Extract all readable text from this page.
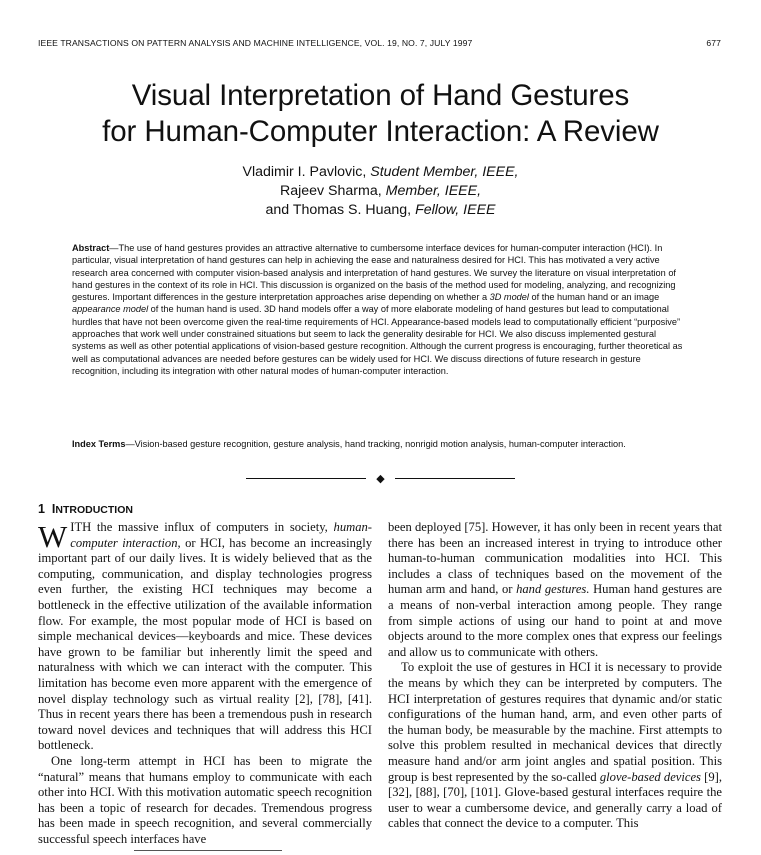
IEEE TRANSACTIONS ON PATTERN ANALYSIS AND MACHINE INTELLIGENCE, VOL. 19, NO. 7, JULY 1997	677
Visual Interpretation of Hand Gestures
for Human-Computer Interaction: A Review
Vladimir I. Pavlovic, Student Member, IEEE,
Rajeev Sharma, Member, IEEE,
and Thomas S. Huang, Fellow, IEEE
Abstract—The use of hand gestures provides an attractive alternative to cumbersome interface devices for human-computer interaction (HCI). In particular, visual interpretation of hand gestures can help in achieving the ease and naturalness desired for HCI. This has motivated a very active research area concerned with computer vision-based analysis and interpretation of hand gestures. We survey the literature on visual interpretation of hand gestures in the context of its role in HCI. This discussion is organized on the basis of the method used for modeling, analyzing, and recognizing gestures. Important differences in the gesture interpretation approaches arise depending on whether a 3D model of the human hand or an image appearance model of the human hand is used. 3D hand models offer a way of more elaborate modeling of hand gestures but lead to computational hurdles that have not been overcome given the real-time requirements of HCI. Appearance-based models lead to computationally efficient “purposive” approaches that work well under constrained situations but seem to lack the generality desirable for HCI. We also discuss implemented gestural systems as well as other potential applications of vision-based gesture recognition. Although the current progress is encouraging, further theoretical as well as computational advances are needed before gestures can be widely used for HCI. We discuss directions of future research in gesture recognition, including its integration with other natural modes of human-computer interaction.
Index Terms—Vision-based gesture recognition, gesture analysis, hand tracking, nonrigid motion analysis, human-computer interaction.
◆
1 INTRODUCTION

WITH the massive influx of computers in society, human-computer interaction, or HCI, has become an increasingly important part of our daily lives. It is widely believed that as the computing, communication, and display technologies progress even further, the existing HCI techniques may become a bottleneck in the effective utilization of the available information flow. For example, the most popular mode of HCI is based on simple mechanical devices—keyboards and mice. These devices have grown to be familiar but inherently limit the speed and naturalness with which we can interact with the computer. This limitation has become even more apparent with the emergence of novel display technology such as virtual reality [2], [78], [41]. Thus in recent years there has been a tremendous push in research toward novel devices and techniques that will address this HCI bottleneck.

One long-term attempt in HCI has been to migrate the “natural” means that humans employ to communicate with each other into HCI. With this motivation automatic speech recognition has been a topic of research for decades. Tremendous progress has been made in speech recognition, and several commercially successful speech interfaces have

been deployed [75]. However, it has only been in recent years that there has been an increased interest in trying to introduce other human-to-human communication modalities into HCI. This includes a class of techniques based on the movement of the human arm and hand, or hand gestures. Human hand gestures are a means of non-verbal interaction among people. They range from simple actions of using our hand to point at and move objects around to the more complex ones that express our feelings and allow us to communicate with others.

To exploit the use of gestures in HCI it is necessary to provide the means by which they can be interpreted by computers. The HCI interpretation of gestures requires that dynamic and/or static configurations of the human hand, arm, and even other parts of the human body, be measurable by the machine. First attempts to solve this problem resulted in mechanical devices that directly measure hand and/or arm joint angles and spatial position. This group is best represented by the so-called glove-based devices [9], [32], [88], [70], [101]. Glove-based gestural interfaces require the user to wear a cumbersome device, and generally carry a load of cables that connect the device to a computer. This
